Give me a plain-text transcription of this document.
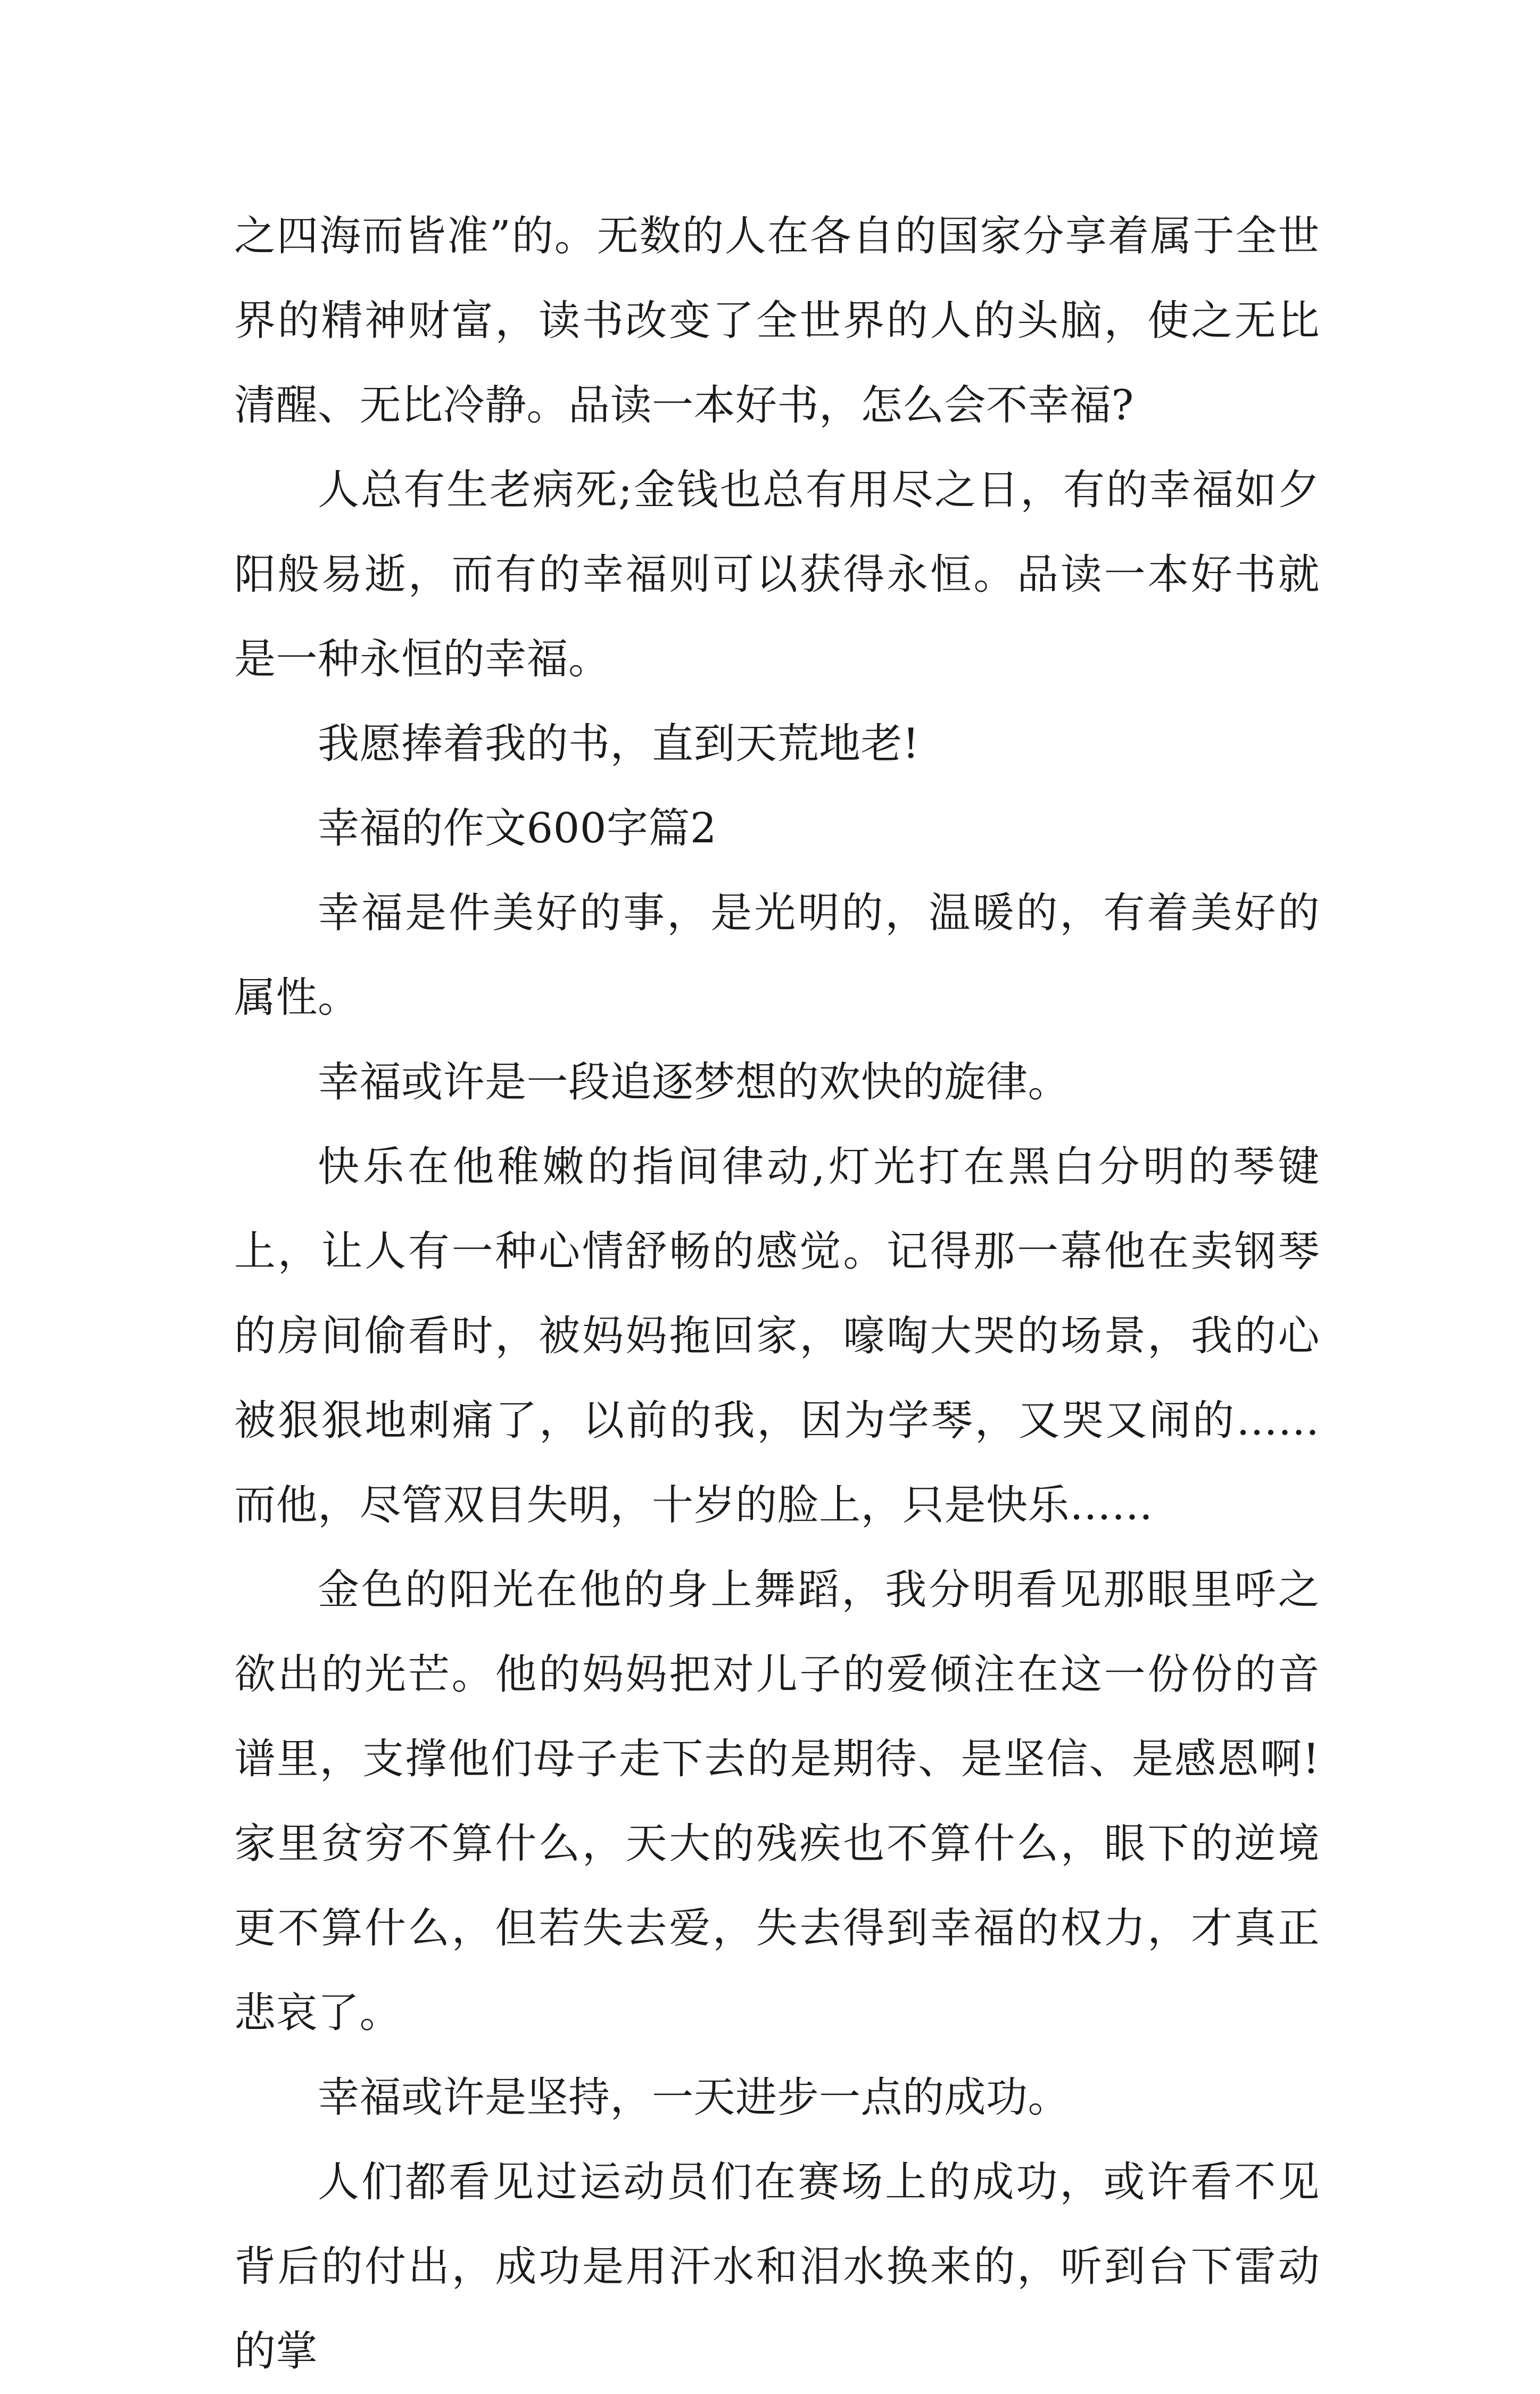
之四海而皆准”的。无数的人在各自的国家分享着属于全世界的精神财富，读书改变了全世界的人的头脑，使之无比清醒、无比冷静。品读一本好书，怎么会不幸福?

人总有生老病死;金钱也总有用尽之日，有的幸福如夕阳般易逝，而有的幸福则可以获得永恒。品读一本好书就是一种永恒的幸福。

我愿捧着我的书，直到天荒地老!

幸福的作文600字篇2

幸福是件美好的事，是光明的，温暖的，有着美好的属性。

幸福或许是一段追逐梦想的欢快的旋律。

快乐在他稚嫩的指间律动,灯光打在黑白分明的琴键上，让人有一种心情舒畅的感觉。记得那一幕他在卖钢琴的房间偷看时，被妈妈拖回家，嚎啕大哭的场景，我的心被狠狠地刺痛了，以前的我，因为学琴，又哭又闹的……而他，尽管双目失明，十岁的脸上，只是快乐……

金色的阳光在他的身上舞蹈，我分明看见那眼里呼之欲出的光芒。他的妈妈把对儿子的爱倾注在这一份份的音谱里，支撑他们母子走下去的是期待、是坚信、是感恩啊!家里贫穷不算什么，天大的残疾也不算什么，眼下的逆境更不算什么，但若失去爱，失去得到幸福的权力，才真正悲哀了。

幸福或许是坚持，一天进步一点的成功。

人们都看见过运动员们在赛场上的成功，或许看不见背后的付出，成功是用汗水和泪水换来的，听到台下雷动的掌
